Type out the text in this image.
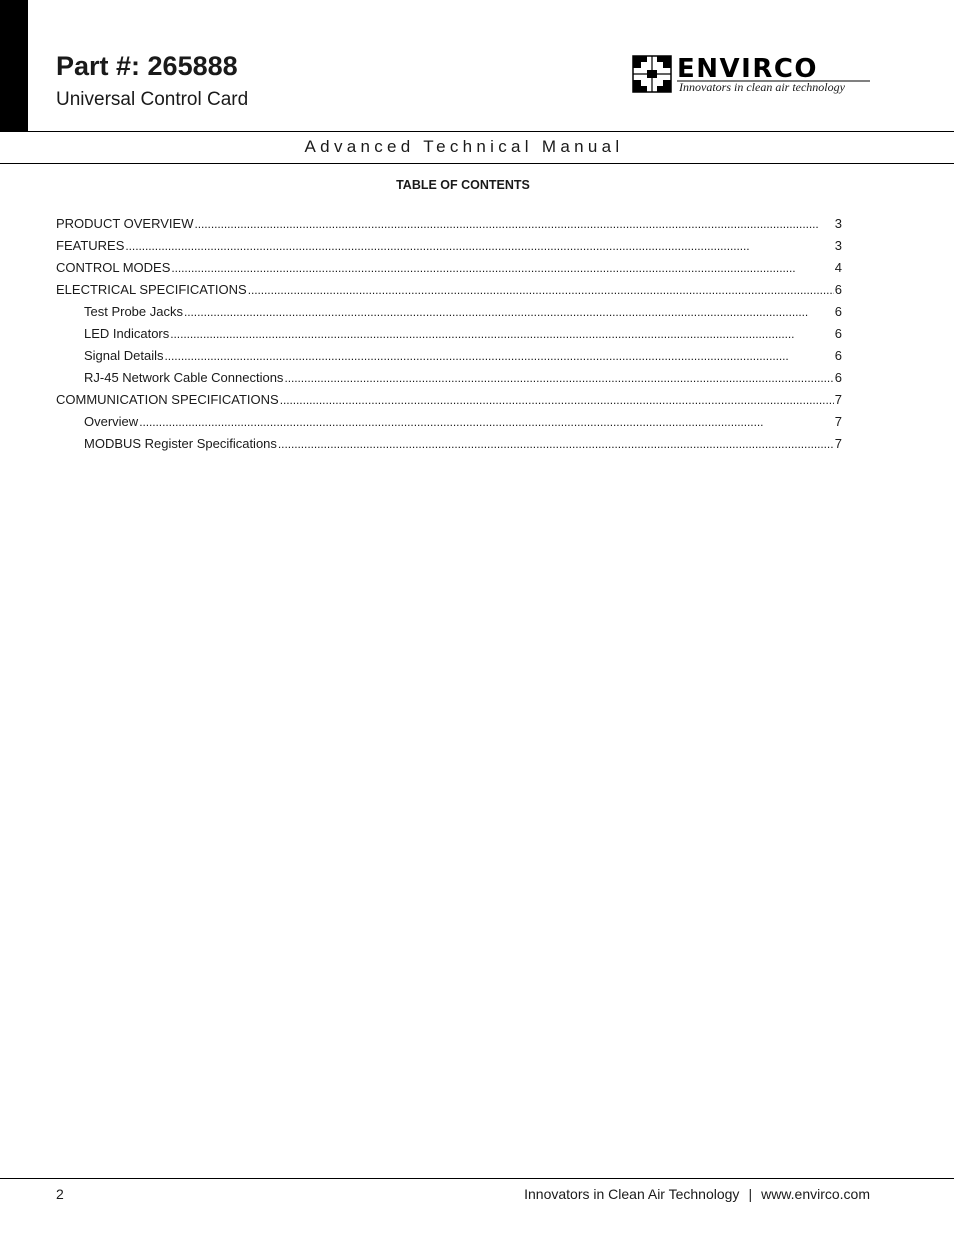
Part #: 265888
Universal Control Card
ENVIRCO
Innovators in clean air technology
Advanced Technical Manual
TABLE OF CONTENTS
PRODUCT OVERVIEW . . .	3
FEATURES . . .	3
CONTROL MODES . . .	4
ELECTRICAL SPECIFICATIONS . . .	6
Test Probe Jacks . . .	6
LED Indicators . . .	6
Signal Details . . .	6
RJ-45 Network Cable Connections . . .	6
COMMUNICATION SPECIFICATIONS . . .	7
Overview . . .	7
MODBUS Register Specifications . . .	7
2	Innovators in Clean Air Technology | www.envirco.com
